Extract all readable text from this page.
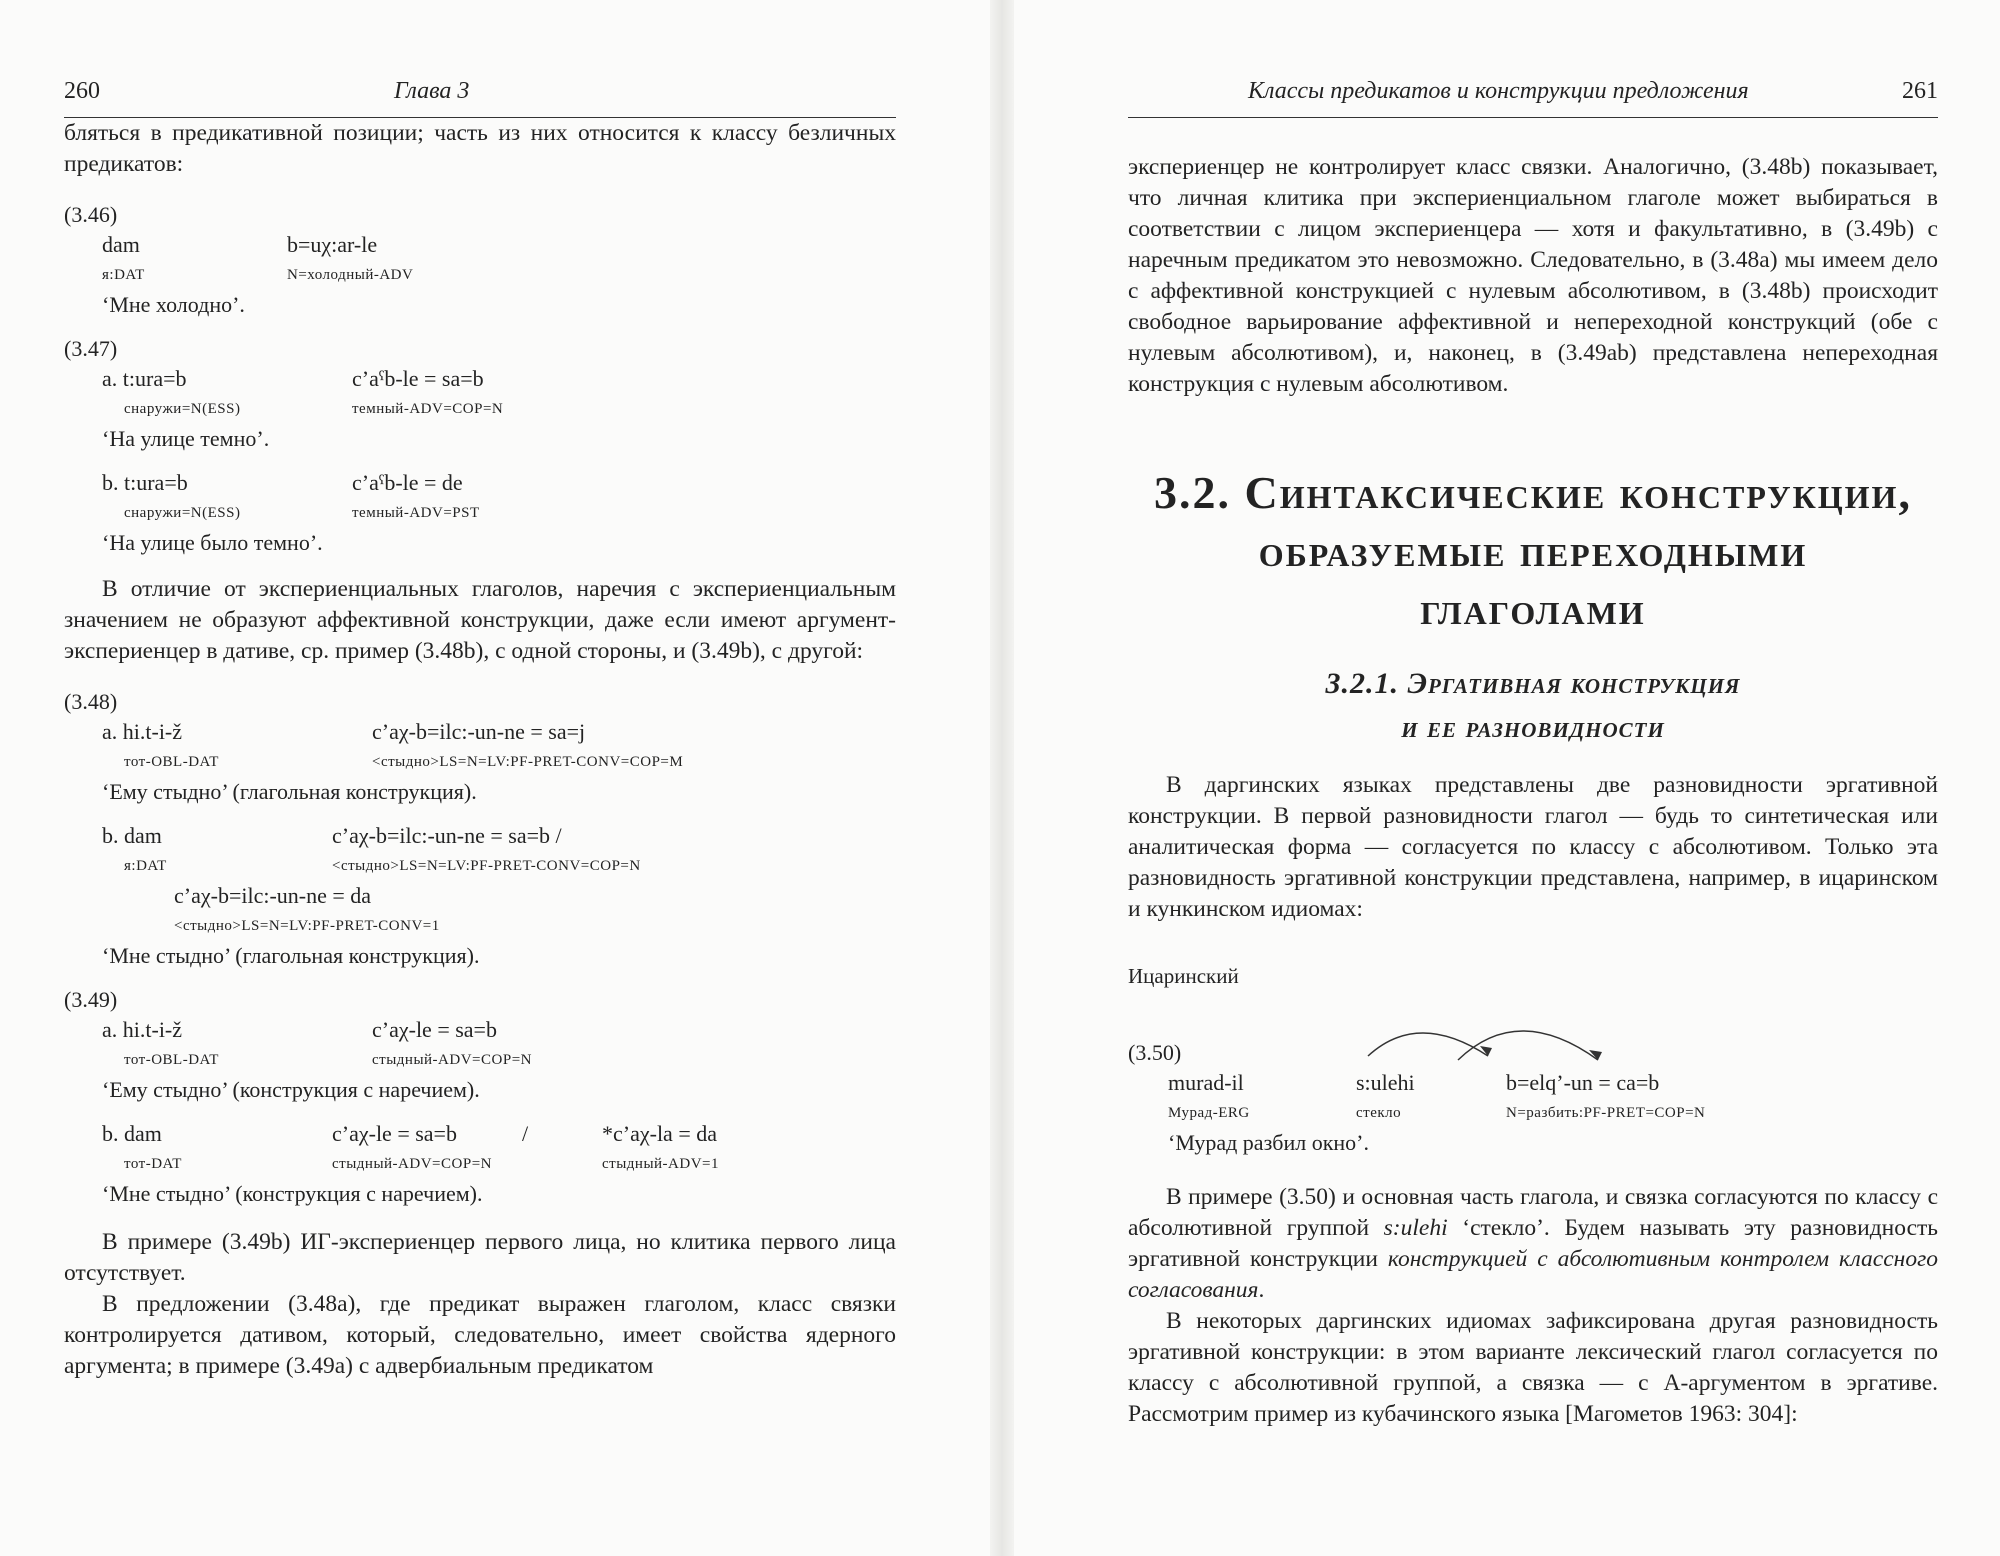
260	Глава 3

бляться в предикативной позиции; часть из них относится к классу безличных предикатов:

(3.46)
dam	b=uχ:ar-le
я:DAT	N=холодный-ADV
‘Мне холодно’.
(3.47)
a. t:ura=b	c’aˁb-le = sa=b
снаружи=N(ESS)	темный-ADV=COP=N
‘На улице темно’.
b. t:ura=b	c’aˁb-le = de
снаружи=N(ESS)	темный-ADV=PST
‘На улице было темно’.

В отличие от экспериенциальных глаголов, наречия с экспериенциальным значением не образуют аффективной конструкции, даже если имеют аргумент-экспериенцер в дативе, ср. пример (3.48b), с одной стороны, и (3.49b), с другой:

(3.48)
a. hi.t-i-ž	c’aχ-b=ilc:-un-ne = sa=j
тот-OBL-DAT	<стыдно>LS=N=LV:PF-PRET-CONV=COP=M
‘Ему стыдно’ (глагольная конструкция).
b. dam	c’aχ-b=ilc:-un-ne = sa=b /
я:DAT	<стыдно>LS=N=LV:PF-PRET-CONV=COP=N
c’aχ-b=ilc:-un-ne = da
<стыдно>LS=N=LV:PF-PRET-CONV=1
‘Мне стыдно’ (глагольная конструкция).
(3.49)
a. hi.t-i-ž	c’aχ-le = sa=b
тот-OBL-DAT	стыдный-ADV=COP=N
‘Ему стыдно’ (конструкция с наречием).
b. dam	c’aχ-le = sa=b	/	*c’aχ-la = da
тот-DAT	стыдный-ADV=COP=N	стыдный-ADV=1
‘Мне стыдно’ (конструкция с наречием).

В примере (3.49b) ИГ-экспериенцер первого лица, но клитика первого лица отсутствует.

В предложении (3.48a), где предикат выражен глаголом, класс связки контролируется дативом, который, следовательно, имеет свойства ядерного аргумента; в примере (3.49a) с адвербиальным предикатом

Классы предикатов и конструкции предложения	261

экспериенцер не контролирует класс связки. Аналогично, (3.48b) показывает, что личная клитика при экспериенциальном глаголе может выбираться в соответствии с лицом экспериенцера — хотя и факультативно, в (3.49b) с наречным предикатом это невозможно. Следовательно, в (3.48a) мы имеем дело с аффективной конструкцией с нулевым абсолютивом, в (3.48b) происходит свободное варьирование аффективной и непереходной конструкций (обе с нулевым абсолютивом), и, наконец, в (3.49ab) представлена непереходная конструкция с нулевым абсолютивом.

3.2. Синтаксические конструкции,
образуемые переходными
глаголами
3.2.1. Эргативная конструкция
и ее разновидности

В даргинских языках представлены две разновидности эргативной конструкции. В первой разновидности глагол — будь то синтетическая или аналитическая форма — согласуется по классу с абсолютивом. Только эта разновидность эргативной конструкции представлена, например, в ицаринском и кункинском идиомах:

Ицаринский
(3.50)
murad-il	s:ulehi	b=elq’-un = ca=b
Мурад-ERG	стекло	N=разбить:PF-PRET=COP=N
‘Мурад разбил окно’.

В примере (3.50) и основная часть глагола, и связка согласуются по классу с абсолютивной группой s:ulehi ‘стекло’. Будем называть эту разновидность эргативной конструкции конструкцией с абсолютивным контролем классного согласования.

В некоторых даргинских идиомах зафиксирована другая разновидность эргативной конструкции: в этом варианте лексический глагол согласуется по классу с абсолютивной группой, а связка — с A-аргументом в эргативе. Рассмотрим пример из кубачинского языка [Магометов 1963: 304]:
